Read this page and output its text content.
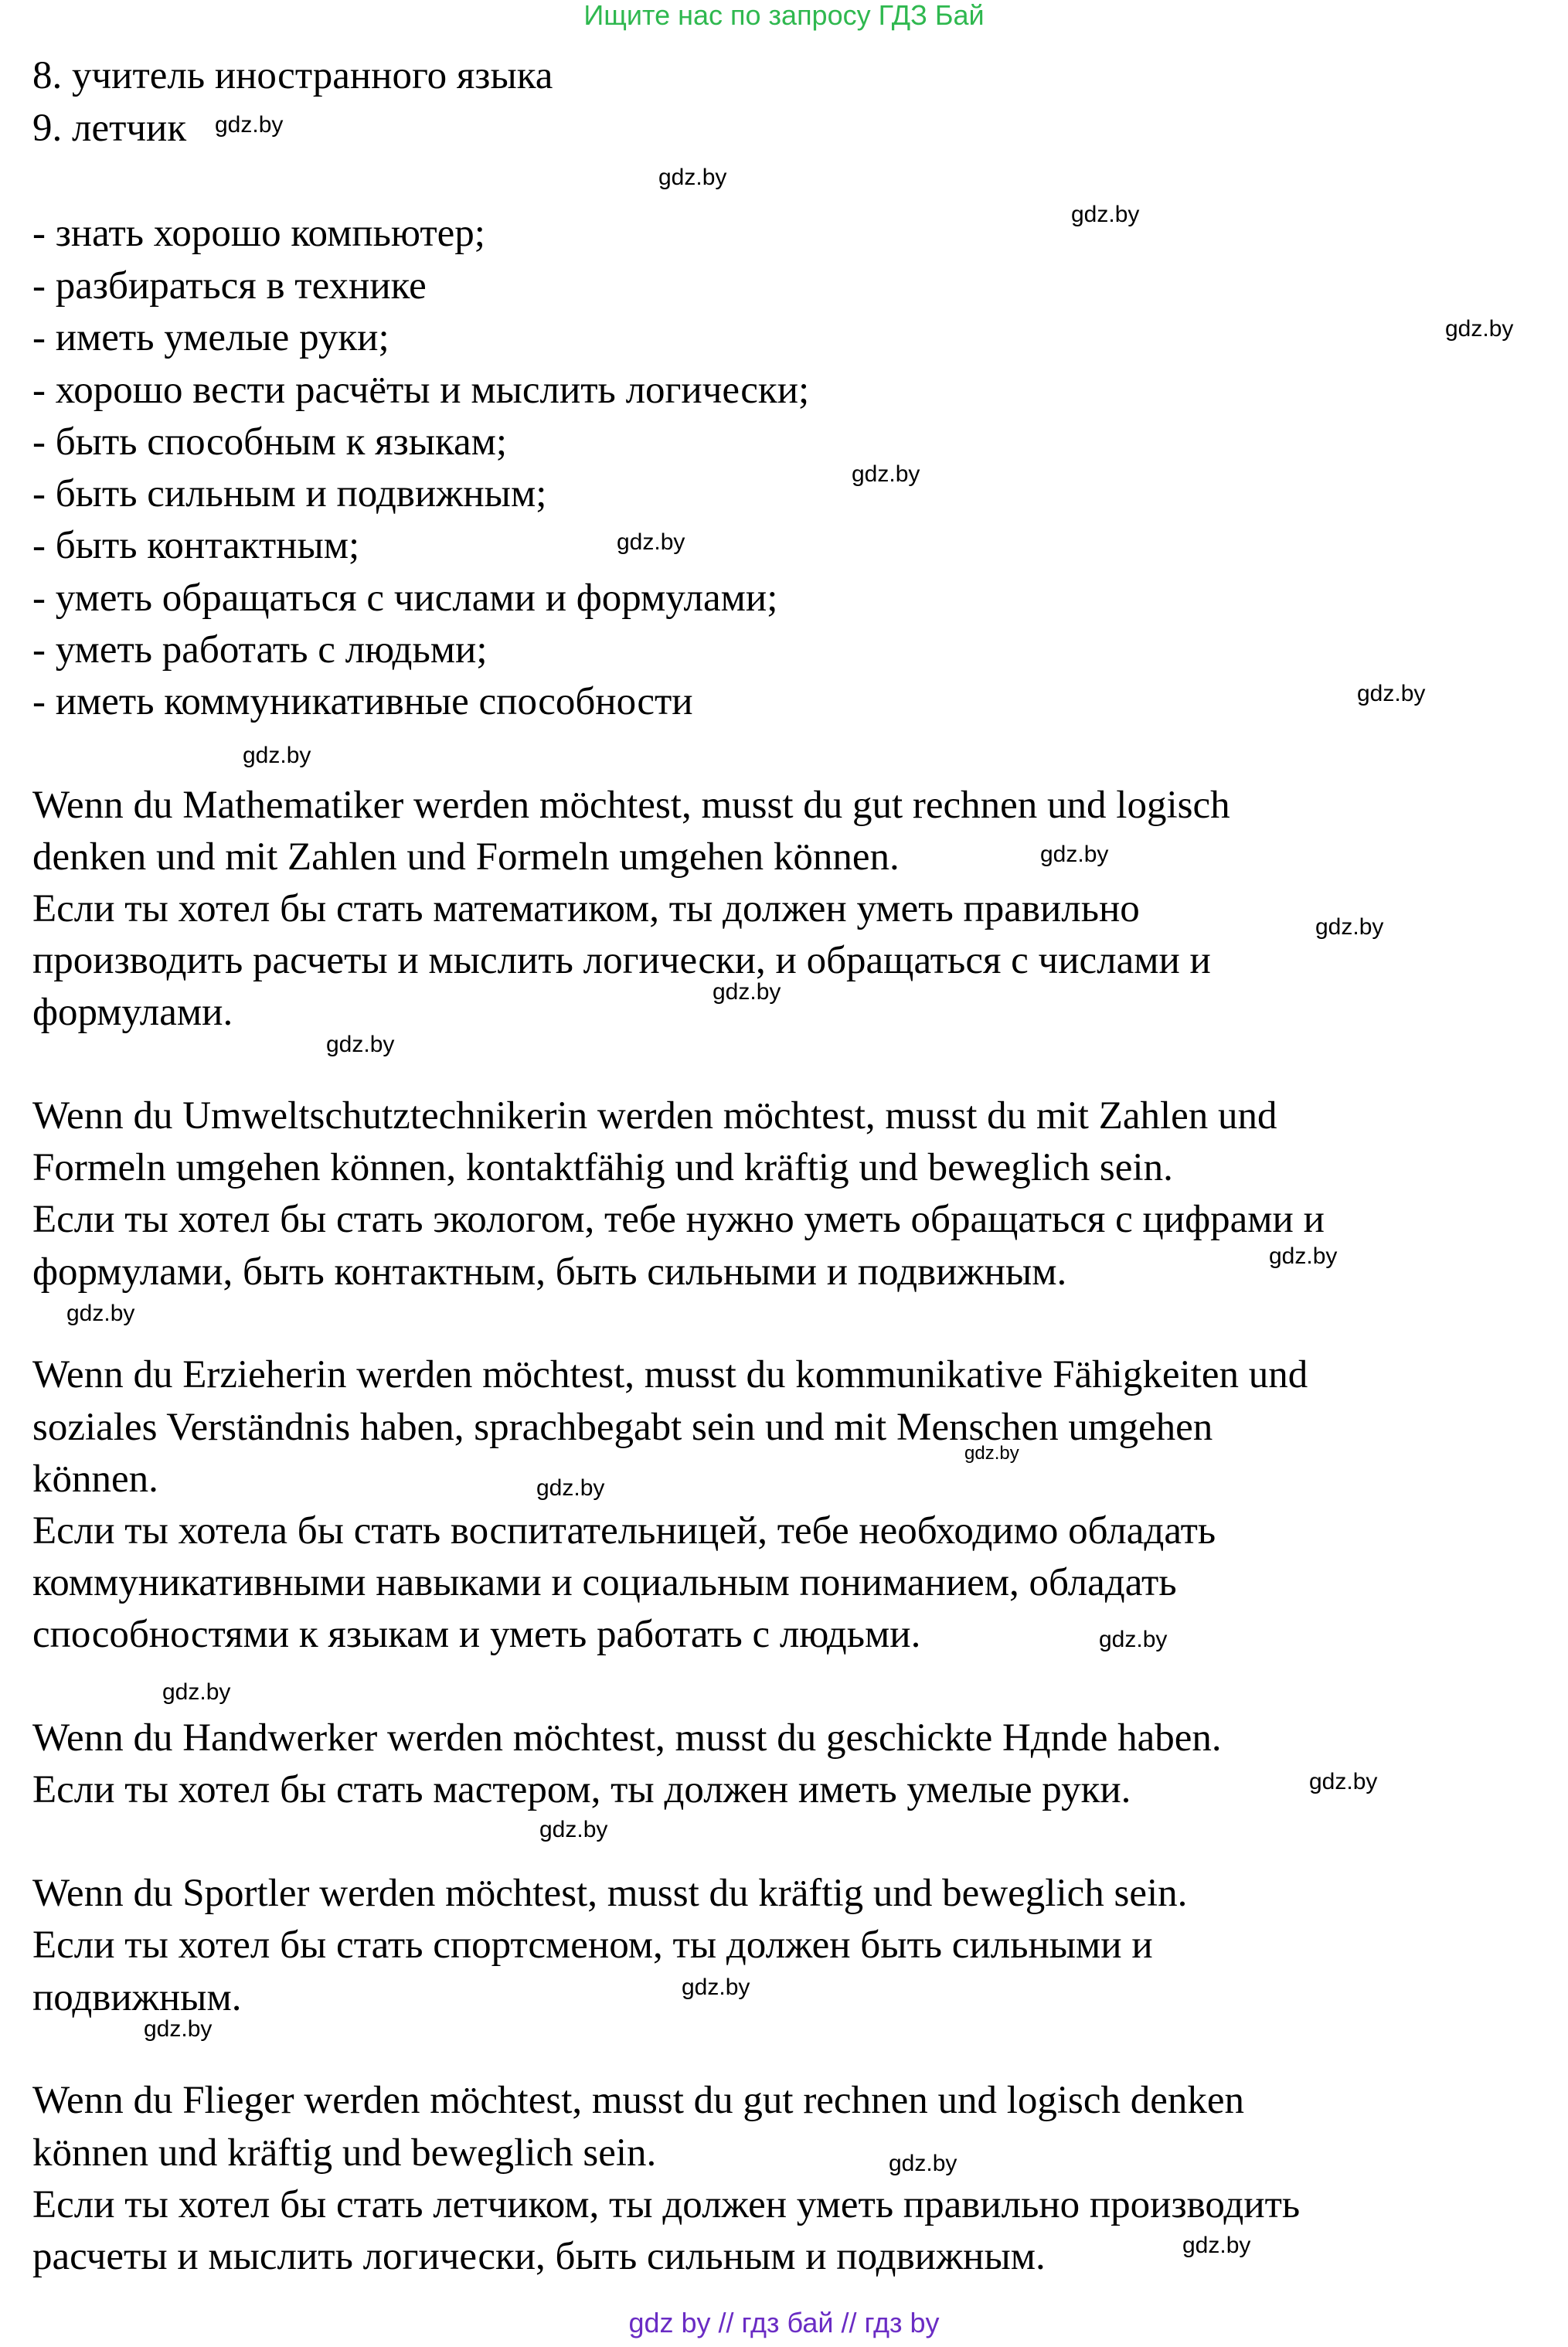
Ищите нас по запросу ГДЗ Бай
8. учитель иностранного языка
9. летчик
- знать хорошо компьютер;
- разбираться в технике
- иметь умелые руки;
- хорошо вести расчёты и мыслить логически;
- быть способным к языкам;
- быть сильным и подвижным;
- быть контактным;
- уметь обращаться с числами и формулами;
- уметь работать с людьми;
- иметь коммуникативные способности
Wenn du Mathematiker werden möchtest, musst du gut rechnen und logisch
denken und mit Zahlen und Formeln umgehen können.
Если ты хотел бы стать математиком, ты должен уметь правильно
производить расчеты и мыслить логически, и обращаться с числами и
формулами.
Wenn du Umweltschutztechnikerin werden möchtest, musst du mit Zahlen und
Formeln umgehen können, kontaktfähig und kräftig und beweglich sein.
Если ты хотел бы стать экологом, тебе нужно уметь обращаться с цифрами и
формулами, быть контактным, быть сильными и подвижным.
Wenn du Erzieherin werden möchtest, musst du kommunikative Fähigkeiten und
soziales Verständnis haben, sprachbegabt sein und mit Menschen umgehen
können.
Если ты хотела бы стать воспитательницей, тебе необходимо обладать
коммуникативными навыками и социальным пониманием, обладать
способностями к языкам и уметь работать с людьми.
Wenn du Handwerker werden möchtest, musst du geschickte Hдnde haben.
Если ты хотел бы стать мастером, ты должен иметь умелые руки.
Wenn du Sportler werden möchtest, musst du kräftig und beweglich sein.
Если ты хотел бы стать спортсменом, ты должен быть сильными и
подвижным.
Wenn du Flieger werden möchtest, musst du gut rechnen und logisch denken
können und kräftig und beweglich sein.
Если ты хотел бы стать летчиком, ты должен уметь правильно производить
расчеты и мыслить логически, быть сильным и подвижным.
gdz.by
gdz.by
gdz.by
gdz.by
gdz.by
gdz.by
gdz.by
gdz.by
gdz.by
gdz.by
gdz.by
gdz.by
gdz.by
gdz.by
gdz.by
gdz.by
gdz.by
gdz.by
gdz.by
gdz.by
gdz.by
gdz.by
gdz.by
gdz.by
gdz by // гдз бай // гдз by
